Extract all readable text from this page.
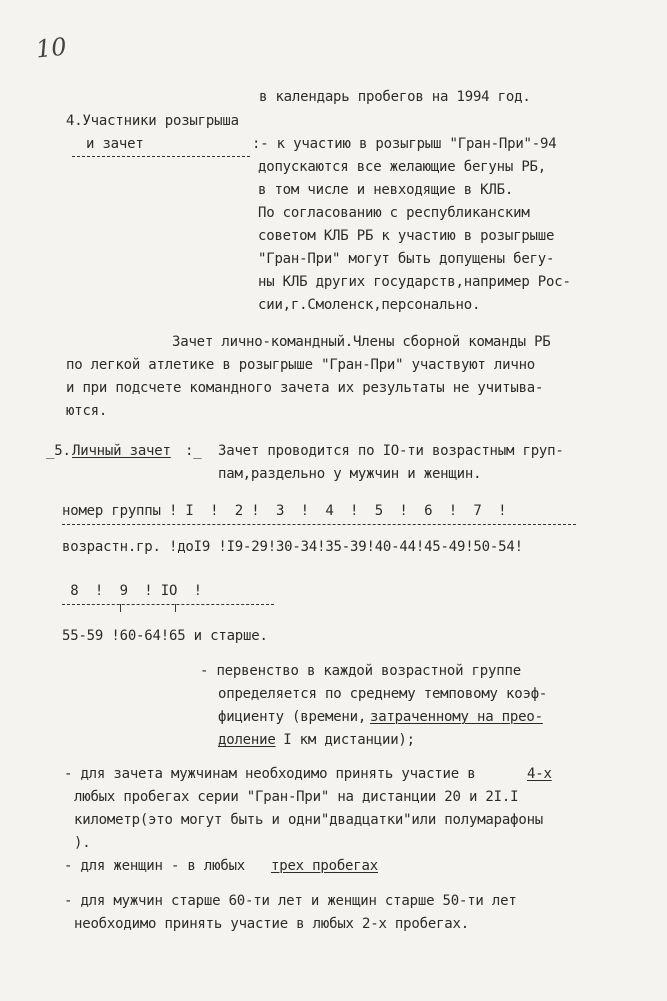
10
в календарь пробегов на 1994 год.
4.Участники розыгрыша
и зачет	:- к участию в розыгрыш "Гран-При"-94
допускаются все желающие бегуны РБ,
в том числе и невходящие в КЛБ.
По согласованию с республиканским
советом КЛБ РБ к участию в розыгрыше
"Гран-При" могут быть допущены бегу-
ны КЛБ других государств,например Рос-
сии,г.Смоленск,персонально.
Зачет лично-командный.Члены сборной команды РБ
по легкой атлетике в розыгрыше "Гран-При" участвуют лично
и при подсчете командного зачета их результаты не учитыва-
ются.
_5. Личный зачет :_ Зачет проводится по IO-ти возрастным груп-
пам,раздельно у мужчин и женщин.
номер группы ! I  !  2 !  3  !  4  !  5  !  6  !  7  !
возрастн.гр. !доI9 !I9-29!30-34!35-39!40-44!45-49!50-54!
8  !  9  ! IO  !
55-59 !60-64!65 и старше.
- первенство в каждой возрастной группе
определяется по среднему темповому коэф-
фициенту (времени, затраченному на прео-
доление I км дистанции);
- для зачета мужчинам необходимо принять участие в	4-х
любых пробегах серии "Гран-При" на дистанции 20 и 2I.I
километр(это могут быть и одни"двадцатки"или полумарафоны
).
- для женщин - в любых трех пробегах
- для мужчин старше 60-ти лет и женщин старше 50-ти лет
необходимо принять участие в любых 2-х пробегах.
